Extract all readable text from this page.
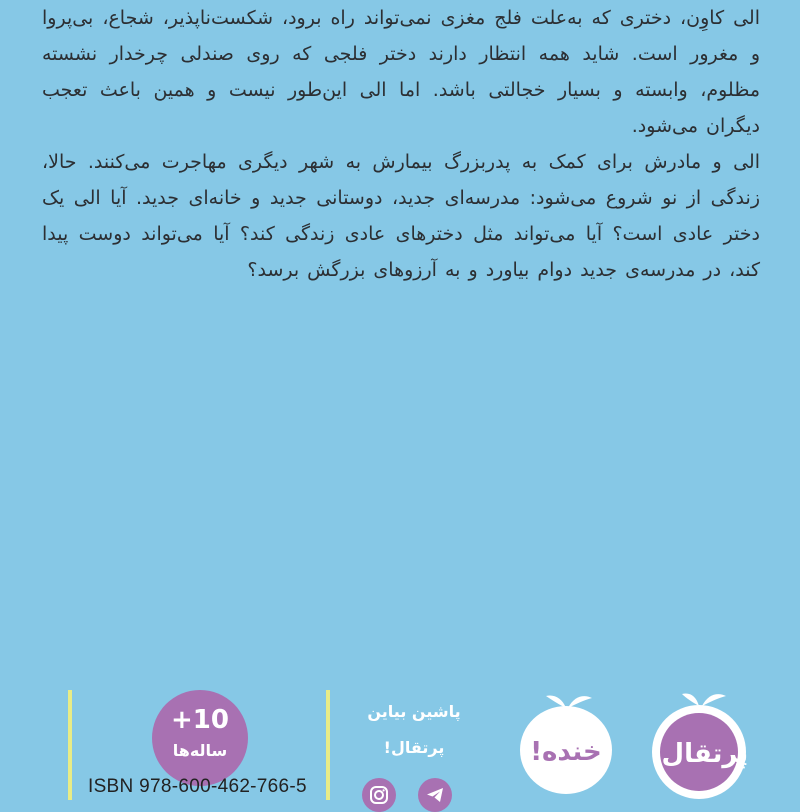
الی کاوِن، دختری که به‌علت فلج مغزی نمی‌تواند راه برود، شکست‌ناپذیر، شجاع، بی‌پروا و مغرور است. شاید همه انتظار دارند دختر فلجی که روی صندلی چرخدار نشسته مظلوم، وابسته و بسیار خجالتی باشد. اما الی این‌طور نیست و همین باعث تعجب دیگران می‌شود.

الی و مادرش برای کمک به پدربزرگ بیمارش به شهر دیگری مهاجرت می‌کنند. حالا، زندگی از نو شروع می‌شود: مدرسه‌ای جدید، دوستانی جدید و خانه‌ای جدید. آیا الی یک دختر عادی است؟ آیا می‌تواند مثل دخترهای عادی زندگی کند؟ آیا می‌تواند دوست پیدا کند، در مدرسه‌ی جدید دوام بیاورد و به آرزوهای بزرگش برسد؟

+10
ساله‌ها
ISBN 978-600-462-766-5
پاشین بیاین
پرتقال!	خنده! پرتقال!
